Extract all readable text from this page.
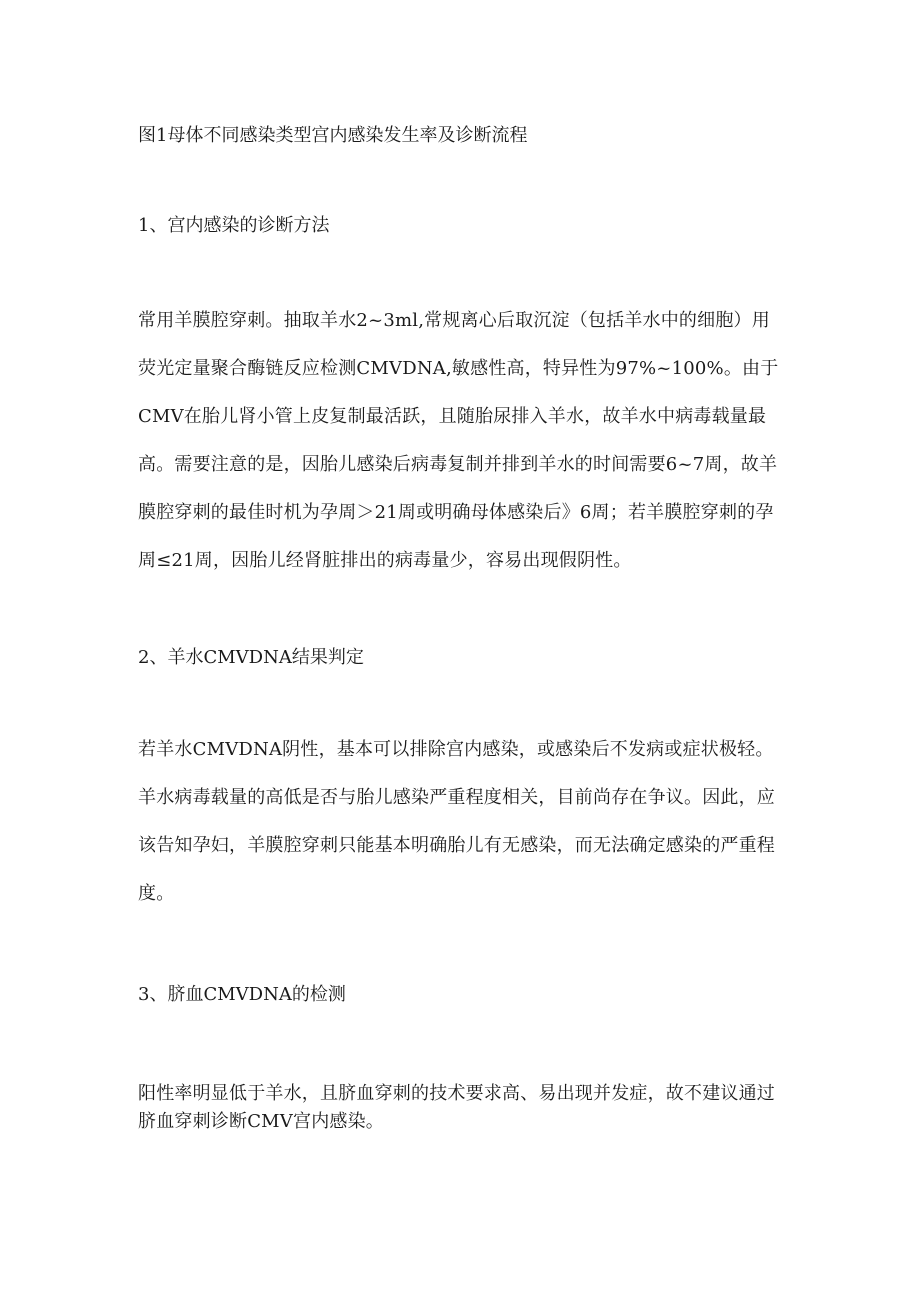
图1母体不同感染类型宫内感染发生率及诊断流程

1、宫内感染的诊断方法

常用羊膜腔穿刺。抽取羊水2~3ml,常规离心后取沉淀（包括羊水中的细胞）用荧光定量聚合酶链反应检测CMVDNA,敏感性高，特异性为97%~100%。由于CMV在胎儿肾小管上皮复制最活跃，且随胎尿排入羊水，故羊水中病毒载量最高。需要注意的是，因胎儿感染后病毒复制并排到羊水的时间需要6~7周，故羊膜腔穿刺的最佳时机为孕周＞21周或明确母体感染后》6周；若羊膜腔穿刺的孕周≤21周，因胎儿经肾脏排出的病毒量少，容易出现假阴性。

2、羊水CMVDNA结果判定

若羊水CMVDNA阴性，基本可以排除宫内感染，或感染后不发病或症状极轻。羊水病毒载量的高低是否与胎儿感染严重程度相关，目前尚存在争议。因此，应该告知孕妇，羊膜腔穿刺只能基本明确胎儿有无感染，而无法确定感染的严重程度。

3、脐血CMVDNA的检测

阳性率明显低于羊水，且脐血穿刺的技术要求高、易出现并发症，故不建议通过脐血穿刺诊断CMV宫内感染。
